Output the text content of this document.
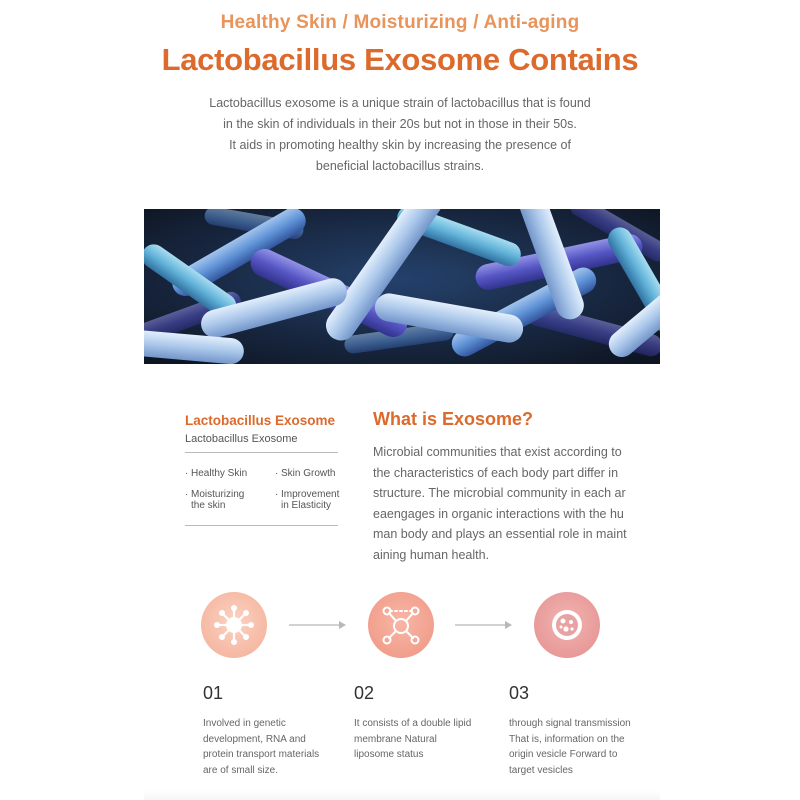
Healthy Skin / Moisturizing / Anti-aging
Lactobacillus Exosome Contains
Lactobacillus exosome is a unique strain of lactobacillus that is found
in the skin of individuals in their 20s but not in those in their 50s.
It aids in promoting healthy skin by increasing the presence of
beneficial lactobacillus strains.
Lactobacillus Exosome
Lactobacillus Exosome
· Healthy Skin	· Skin Growth
· Moisturizing
the skin
· Improvement
in Elasticity
What is Exosome?
Microbial communities that exist according to
the characteristics of each body part differ in
structure. The microbial community in each ar
eaengages in organic interactions with the hu
man body and plays an essential role in maint
aining human health.
01
Involved in genetic
development, RNA and
protein transport materials
are of small size.
02
It consists of a double lipid
membrane Natural
liposome status
03
through signal transmission
That is, information on the
origin vesicle Forward to
target vesicles
